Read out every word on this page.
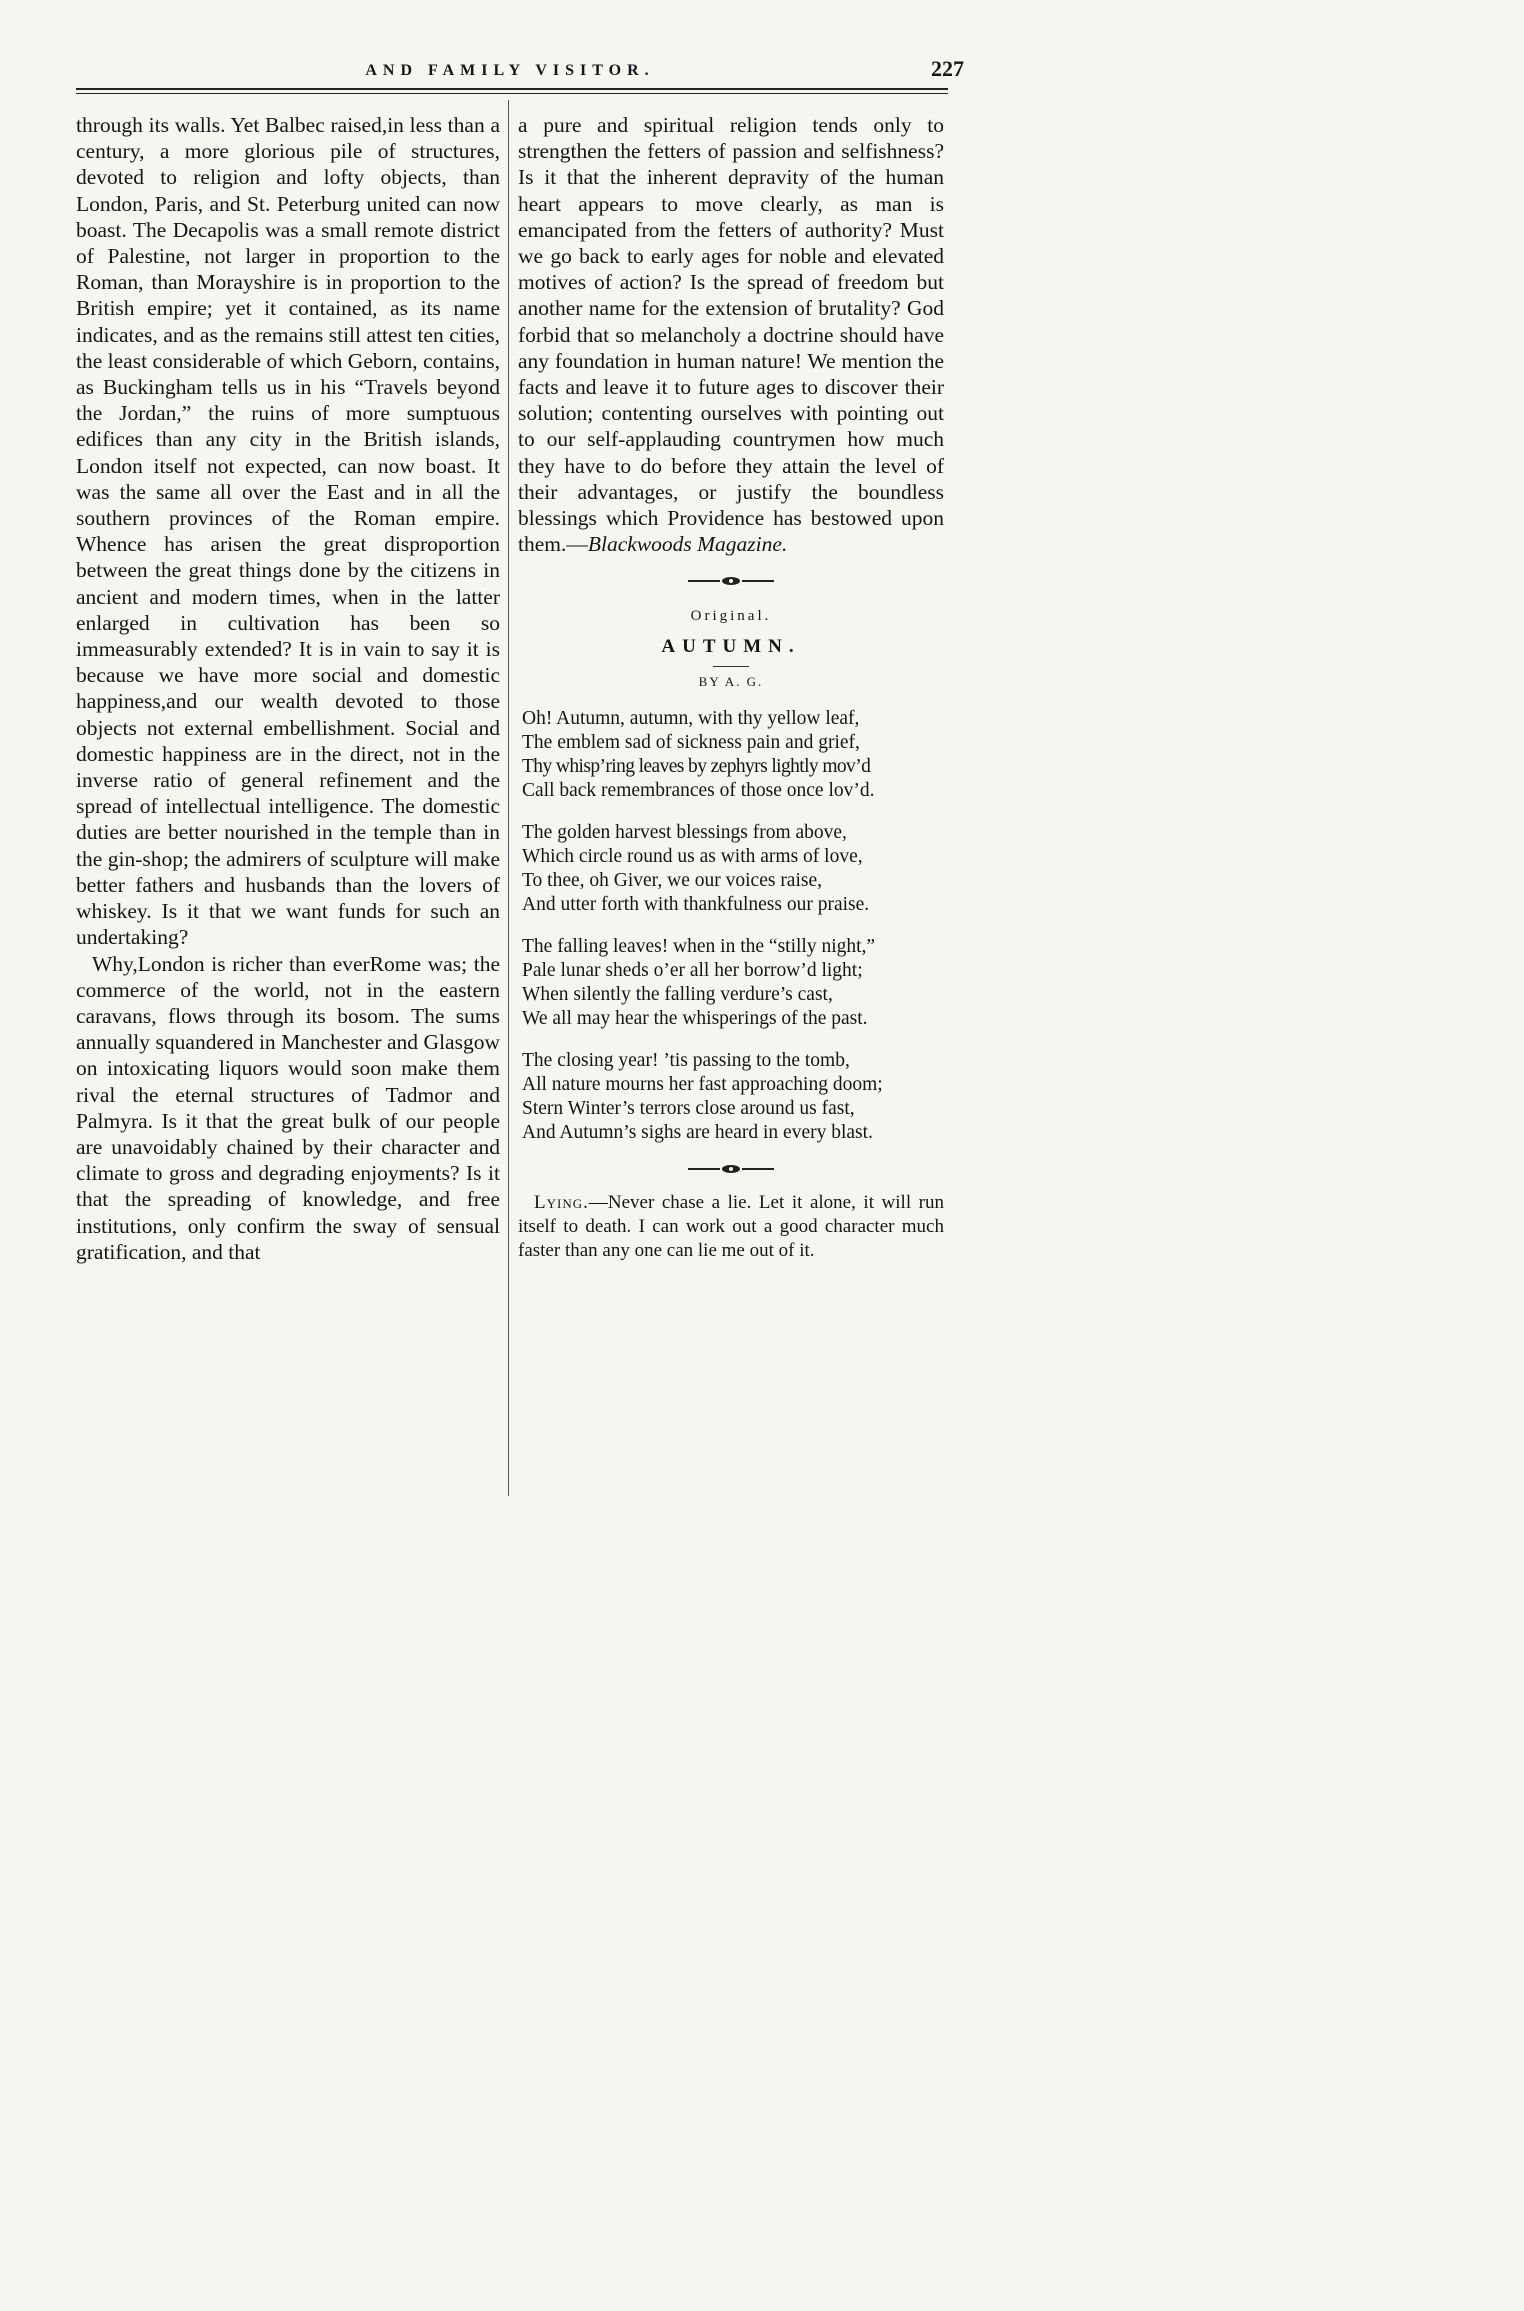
AND FAMILY VISITOR.	227

through its walls. Yet Balbec raised,in less than a century, a more glorious pile of structures, devoted to religion and lofty objects, than London, Paris, and St. Peterburg united can now boast. The Decapolis was a small remote district of Palestine, not larger in proportion to the Roman, than Morayshire is in proportion to the British empire; yet it contained, as its name indicates, and as the remains still attest ten cities, the least considerable of which Geborn, contains, as Buckingham tells us in his “Travels beyond the Jordan,” the ruins of more sumptuous edifices than any city in the British islands, London itself not expected, can now boast. It was the same all over the East and in all the southern provinces of the Roman empire. Whence has arisen the great disproportion between the great things done by the citizens in ancient and modern times, when in the latter enlarged in cultivation has been so immeasurably extended? It is in vain to say it is because we have more social and domestic happiness,and our wealth devoted to those objects not external embellishment. Social and domestic happiness are in the direct, not in the inverse ratio of general refinement and the spread of intellectual intelligence. The domestic duties are better nourished in the temple than in the gin-shop; the admirers of sculpture will make better fathers and husbands than the lovers of whiskey. Is it that we want funds for such an undertaking?

Why,London is richer than everRome was; the commerce of the world, not in the eastern caravans, flows through its bosom. The sums annually squandered in Manchester and Glasgow on intoxicating liquors would soon make them rival the eternal structures of Tadmor and Palmyra. Is it that the great bulk of our people are unavoidably chained by their character and climate to gross and degrading enjoyments? Is it that the spreading of knowledge, and free institutions, only confirm the sway of sensual gratification, and that

a pure and spiritual religion tends only to strengthen the fetters of passion and selfishness? Is it that the inherent depravity of the human heart appears to move clearly, as man is emancipated from the fetters of authority? Must we go back to early ages for noble and elevated motives of action? Is the spread of freedom but another name for the extension of brutality? God forbid that so melancholy a doctrine should have any foundation in human nature! We mention the facts and leave it to future ages to discover their solution; contenting ourselves with pointing out to our self-applauding countrymen how much they have to do before they attain the level of their advantages, or justify the boundless blessings which Providence has bestowed upon them.—Blackwoods Magazine.

Original.
AUTUMN.
BY A. G.
Oh! Autumn, autumn, with thy yellow leaf,
The emblem sad of sickness pain and grief,
Thy whisp’ring leaves by zephyrs lightly mov’d
Call back remembrances of those once lov’d.
The golden harvest blessings from above,
Which circle round us as with arms of love,
To thee, oh Giver, we our voices raise,
And utter forth with thankfulness our praise.
The falling leaves! when in the “stilly night,”
Pale lunar sheds o’er all her borrow’d light;
When silently the falling verdure’s cast,
We all may hear the whisperings of the past.
The closing year! ’tis passing to the tomb,
All nature mourns her fast approaching doom;
Stern Winter’s terrors close around us fast,
And Autumn’s sighs are heard in every blast.

Lying.—Never chase a lie. Let it alone, it will run itself to death. I can work out a good character much faster than any one can lie me out of it.
